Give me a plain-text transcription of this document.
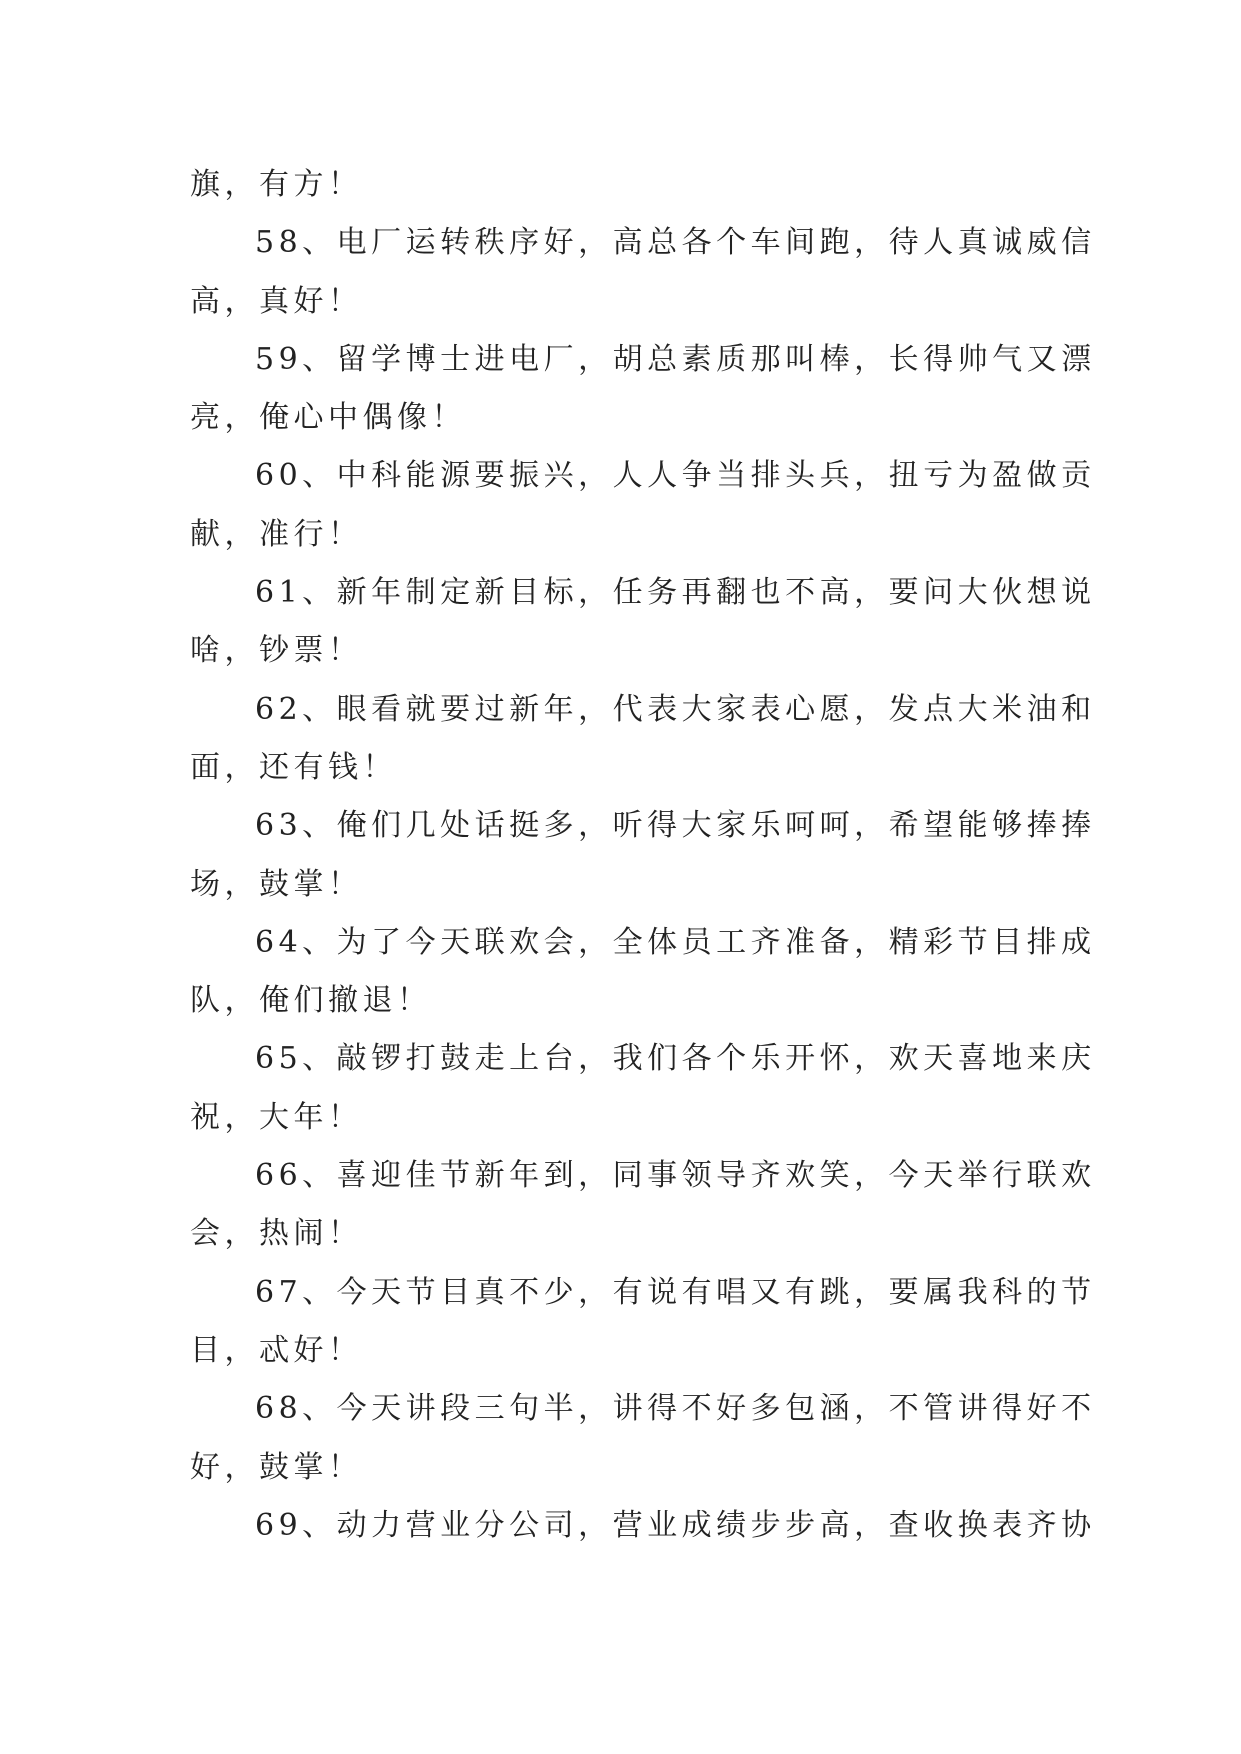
旗，有方！

58、电厂运转秩序好，高总各个车间跑，待人真诚威信

高，真好！

59、留学博士进电厂，胡总素质那叫棒，长得帅气又漂

亮，俺心中偶像！

60、中科能源要振兴，人人争当排头兵，扭亏为盈做贡

献，准行！

61、新年制定新目标，任务再翻也不高，要问大伙想说

啥，钞票！

62、眼看就要过新年，代表大家表心愿，发点大米油和

面，还有钱！

63、俺们几处话挺多，听得大家乐呵呵，希望能够捧捧

场，鼓掌！

64、为了今天联欢会，全体员工齐准备，精彩节目排成

队，俺们撤退！

65、敲锣打鼓走上台，我们各个乐开怀，欢天喜地来庆

祝，大年！

66、喜迎佳节新年到，同事领导齐欢笑，今天举行联欢

会，热闹！

67、今天节目真不少，有说有唱又有跳，要属我科的节

目，忒好！

68、今天讲段三句半，讲得不好多包涵，不管讲得好不

好，鼓掌！

69、动力营业分公司，营业成绩步步高，查收换表齐协
